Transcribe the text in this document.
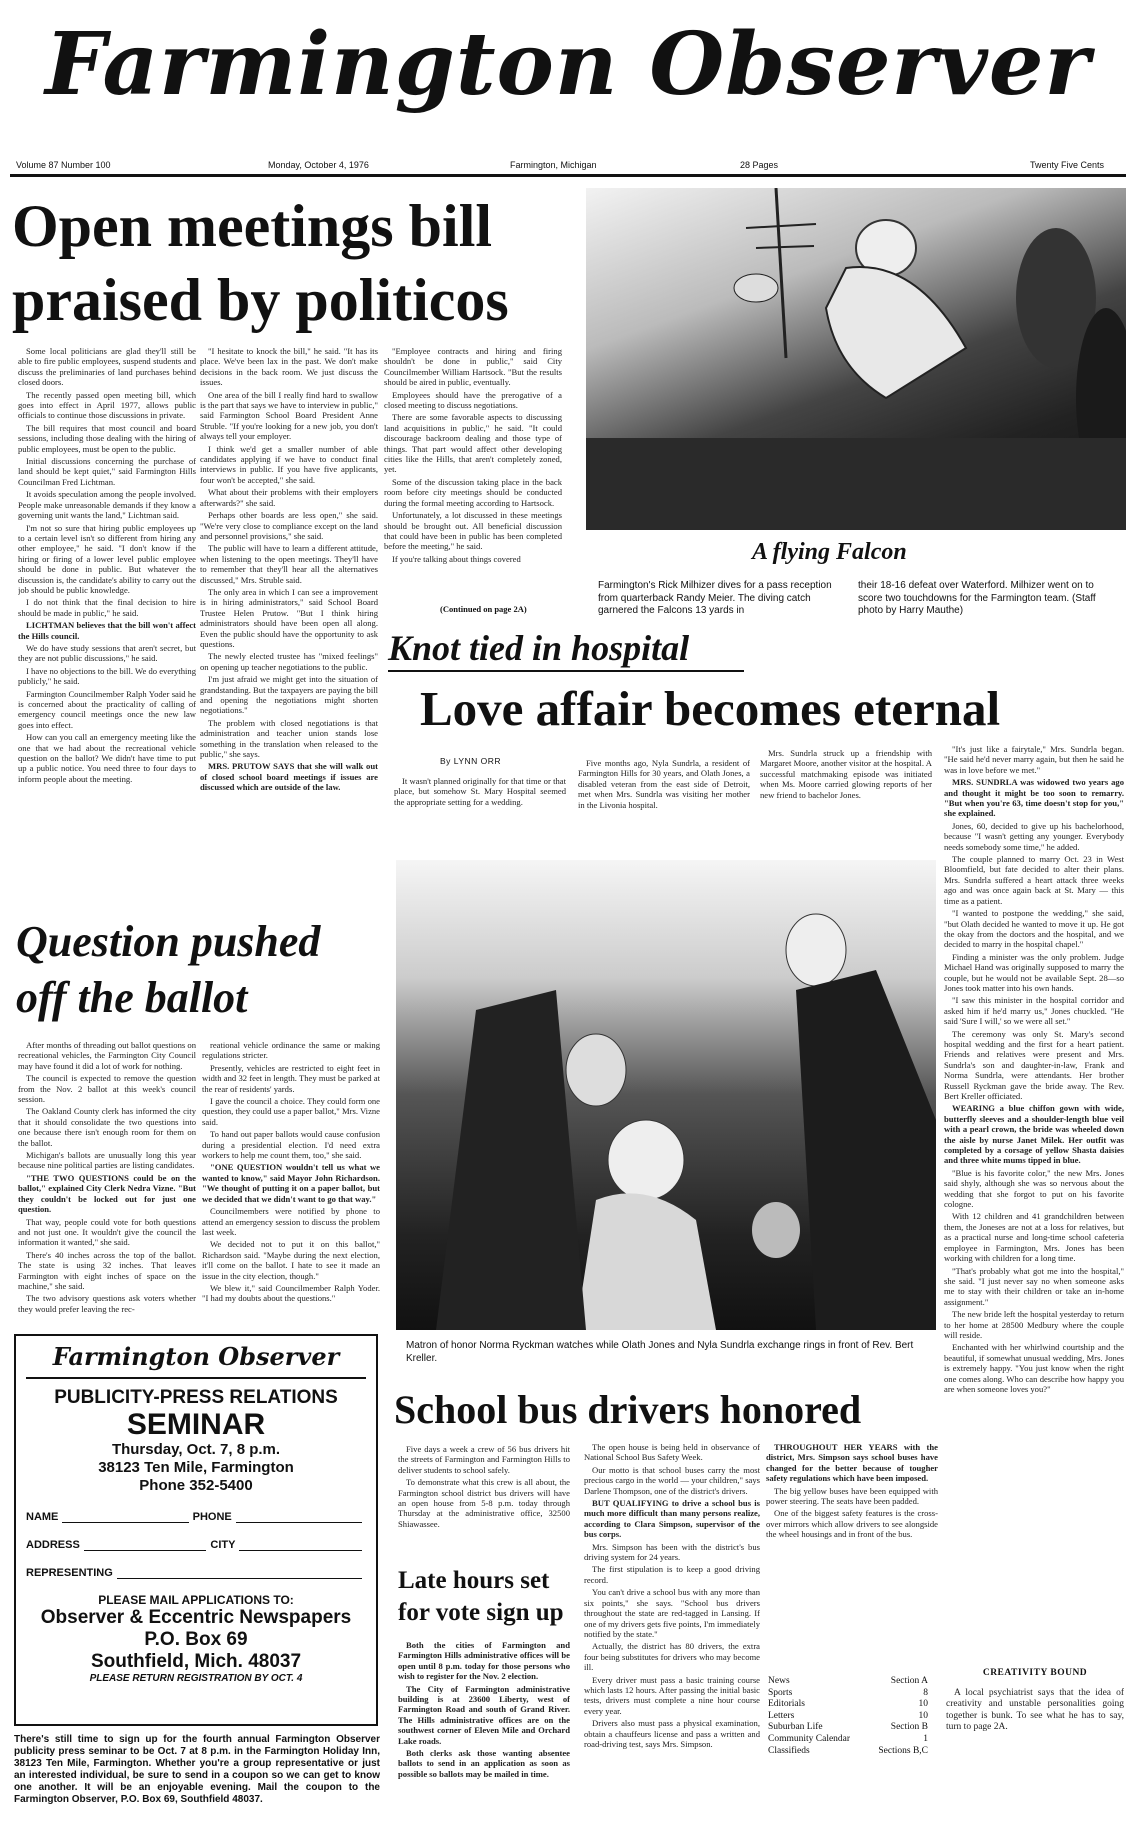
Farmington Observer
Volume 87 Number 100	Monday, October 4, 1976	Farmington, Michigan	28 Pages	Twenty Five Cents
Open meetings bill
praised by politicos

Some local politicians are glad they'll still be able to fire public employees, suspend students and discuss the preliminaries of land purchases behind closed doors.

The recently passed open meeting bill, which goes into effect in April 1977, allows public officials to continue those discussions in private.

The bill requires that most council and board sessions, including those dealing with the hiring of public employees, must be open to the public.

Initial discussions concerning the purchase of land should be kept quiet," said Farmington Hills Councilman Fred Lichtman.

It avoids speculation among the people involved. People make unreasonable demands if they know a governing unit wants the land," Lichtman said.

I'm not so sure that hiring public employees up to a certain level isn't so different from hiring any other employee," he said. "I don't know if the hiring or firing of a lower level public employee should be done in public. But whatever the discussion is, the candidate's ability to carry out the job should be public knowledge.

I do not think that the final decision to hire should be made in public," he said.

LICHTMAN believes that the bill won't affect the Hills council.

We do have study sessions that aren't secret, but they are not public discussions," he said.

I have no objections to the bill. We do everything publicly," he said.

Farmington Councilmember Ralph Yoder said he is concerned about the practicality of calling of emergency council meetings once the new law goes into effect.

How can you call an emergency meeting like the one that we had about the recreational vehicle question on the ballot? We didn't have time to put up a public notice. You need three to four days to inform people about the meeting.

"I hesitate to knock the bill," he said. "It has its place. We've been lax in the past. We don't make decisions in the back room. We just discuss the issues.

One area of the bill I really find hard to swallow is the part that says we have to interview in public," said Farmington School Board President Anne Struble. "If you're looking for a new job, you don't always tell your employer.

I think we'd get a smaller number of able candidates applying if we have to conduct final interviews in public. If you have five applicants, four won't be accepted," she said.

What about their problems with their employers afterwards?" she said.

Perhaps other boards are less open," she said. "We're very close to compliance except on the land and personnel provisions," she said.

The public will have to learn a different attitude, when listening to the open meetings. They'll have to remember that they'll hear all the alternatives discussed," Mrs. Struble said.

The only area in which I can see a improvement is in hiring administrators," said School Board Trustee Helen Prutow. "But I think hiring administrators should have been open all along. Even the public should have the opportunity to ask questions.

The newly elected trustee has "mixed feelings" on opening up teacher negotiations to the public.

I'm just afraid we might get into the situation of grandstanding. But the taxpayers are paying the bill and opening the negotiations might shorten negotiations."

The problem with closed negotiations is that administration and teacher union stands lose something in the translation when released to the public," she says.

MRS. PRUTOW SAYS that she will walk out of closed school board meetings if issues are discussed which are outside of the law.

"Employee contracts and hiring and firing shouldn't be done in public," said City Councilmember William Hartsock. "But the results should be aired in public, eventually.

Employees should have the prerogative of a closed meeting to discuss negotiations.

There are some favorable aspects to discussing land acquisitions in public," he said. "It could discourage backroom dealing and those type of things. That part would affect other developing cities like the Hills, that aren't completely zoned, yet.

Some of the discussion taking place in the back room before city meetings should be conducted during the formal meeting according to Hartsock.

Unfortunately, a lot discussed in these meetings should be brought out. All beneficial discussion that could have been in public has been completed before the meeting," he said.

If you're talking about things covered

(Continued on page 2A)
A flying Falcon
Farmington's Rick Milhizer dives for a pass reception from quarterback Randy Meier. The diving catch garnered the Falcons 13 yards in
their 18-16 defeat over Waterford. Milhizer went on to score two touchdowns for the Farmington team. (Staff photo by Harry Mauthe)
Knot tied in hospital
Love affair becomes eternal
By LYNN ORR

It wasn't planned originally for that time or that place, but somehow St. Mary Hospital seemed the appropriate setting for a wedding.

Five months ago, Nyla Sundrla, a resident of Farmington Hills for 30 years, and Olath Jones, a disabled veteran from the east side of Detroit, met when Mrs. Sundrla was visiting her mother in the Livonia hospital.

Mrs. Sundrla struck up a friendship with Margaret Moore, another visitor at the hospital. A successful matchmaking episode was initiated when Ms. Moore carried glowing reports of her new friend to bachelor Jones.

Matron of honor Norma Ryckman watches while Olath Jones and Nyla Sundrla exchange rings in front of Rev. Bert Kreller.

"It's just like a fairytale," Mrs. Sundrla began. "He said he'd never marry again, but then he said he was in love before we met."

MRS. SUNDRLA was widowed two years ago and thought it might be too soon to remarry. "But when you're 63, time doesn't stop for you," she explained.

Jones, 60, decided to give up his bachelorhood, because "I wasn't getting any younger. Everybody needs somebody some time," he added.

The couple planned to marry Oct. 23 in West Bloomfield, but fate decided to alter their plans. Mrs. Sundrla suffered a heart attack three weeks ago and was once again back at St. Mary — this time as a patient.

"I wanted to postpone the wedding," she said, "but Olath decided he wanted to move it up. He got the okay from the doctors and the hospital, and we decided to marry in the hospital chapel."

Finding a minister was the only problem. Judge Michael Hand was originally supposed to marry the couple, but he would not be available Sept. 28—so Jones took matter into his own hands.

"I saw this minister in the hospital corridor and asked him if he'd marry us," Jones chuckled. "He said 'Sure I will,' so we were all set."

The ceremony was only St. Mary's second hospital wedding and the first for a heart patient. Friends and relatives were present and Mrs. Sundrla's son and daughter-in-law, Frank and Norma Sundrla, were attendants. Her brother Russell Ryckman gave the bride away. The Rev. Bert Kreller officiated.

WEARING a blue chiffon gown with wide, butterfly sleeves and a shoulder-length blue veil with a pearl crown, the bride was wheeled down the aisle by nurse Janet Milek. Her outfit was completed by a corsage of yellow Shasta daisies and three white mums tipped in blue.

"Blue is his favorite color," the new Mrs. Jones said shyly, although she was so nervous about the wedding that she forgot to put on his favorite cologne.

With 12 children and 41 grandchildren between them, the Joneses are not at a loss for relatives, but as a practical nurse and long-time school cafeteria employee in Farmington, Mrs. Jones has been working with children for a long time.

"That's probably what got me into the hospital," she said. "I just never say no when someone asks me to stay with their children or take an in-home assignment."

The new bride left the hospital yesterday to return to her home at 28500 Medbury where the couple will reside.

Enchanted with her whirlwind courtship and the beautiful, if somewhat unusual wedding, Mrs. Jones is extremely happy. "You just know when the right one comes along. Who can describe how happy you are when someone loves you?"

Question pushed
off the ballot

After months of threading out ballot questions on recreational vehicles, the Farmington City Council may have found it did a lot of work for nothing.

The council is expected to remove the question from the Nov. 2 ballot at this week's council session.

The Oakland County clerk has informed the city that it should consolidate the two questions into one because there isn't enough room for them on the ballot.

Michigan's ballots are unusually long this year because nine political parties are listing candidates.

"THE TWO QUESTIONS could be on the ballot," explained City Clerk Nedra Vizne. "But they couldn't be locked out for just one question.

That way, people could vote for both questions and not just one. It wouldn't give the council the information it wanted," she said.

There's 40 inches across the top of the ballot. The state is using 32 inches. That leaves Farmington with eight inches of space on the machine," she said.

The two advisory questions ask voters whether they would prefer leaving the rec-

reational vehicle ordinance the same or making regulations stricter.

Presently, vehicles are restricted to eight feet in width and 32 feet in length. They must be parked at the rear of residents' yards.

I gave the council a choice. They could form one question, they could use a paper ballot," Mrs. Vizne said.

To hand out paper ballots would cause confusion during a presidential election. I'd need extra workers to help me count them, too," she said.

"ONE QUESTION wouldn't tell us what we wanted to know," said Mayor John Richardson. "We thought of putting it on a paper ballot, but we decided that we didn't want to go that way."

Councilmembers were notified by phone to attend an emergency session to discuss the problem last week.

We decided not to put it on this ballot," Richardson said. "Maybe during the next election, it'll come on the ballot. I hate to see it made an issue in the city election, though."

We blew it," said Councilmember Ralph Yoder. "I had my doubts about the questions."

Farmington Observer
PUBLICITY-PRESS RELATIONS
SEMINAR
Thursday, Oct. 7, 8 p.m.
38123 Ten Mile, Farmington
Phone 352-5400
NAME	PHONE
ADDRESS	CITY
REPRESENTING
PLEASE MAIL APPLICATIONS TO:
Observer & Eccentric Newspapers
P.O. Box 69
Southfield, Mich. 48037
PLEASE RETURN REGISTRATION BY OCT. 4
There's still time to sign up for the fourth annual Farmington Observer publicity press seminar to be Oct. 7 at 8 p.m. in the Farmington Holiday Inn, 38123 Ten Mile, Farmington. Whether you're a group representative or just an interested individual, be sure to send in a coupon so we can get to know one another. It will be an enjoyable evening. Mail the coupon to the Farmington Observer, P.O. Box 69, Southfield 48037.
School bus drivers honored

Five days a week a crew of 56 bus drivers hit the streets of Farmington and Farmington Hills to deliver students to school safely.

To demonstrate what this crew is all about, the Farmington school district bus drivers will have an open house from 5-8 p.m. today through Thursday at the administrative office, 32500 Shiawassee.

The open house is being held in observance of National School Bus Safety Week.

Our motto is that school buses carry the most precious cargo in the world — your children," says Darlene Thompson, one of the district's drivers.

BUT QUALIFYING to drive a school bus is much more difficult than many persons realize, according to Clara Simpson, supervisor of the bus corps.

Mrs. Simpson has been with the district's bus driving system for 24 years.

The first stipulation is to keep a good driving record.

You can't drive a school bus with any more than six points," she says. "School bus drivers throughout the state are red-tagged in Lansing. If one of my drivers gets five points, I'm immediately notified by the state."

Actually, the district has 80 drivers, the extra four being substitutes for drivers who may become ill.

Every driver must pass a basic training course which lasts 12 hours. After passing the initial basic tests, drivers must complete a nine hour course every year.

Drivers also must pass a physical examination, obtain a chauffeurs license and pass a written and road-driving test, says Mrs. Simpson.

THROUGHOUT HER YEARS with the district, Mrs. Simpson says school buses have changed for the better because of tougher safety regulations which have been imposed.

The big yellow buses have been equipped with power steering. The seats have been padded.

One of the biggest safety features is the cross-over mirrors which allow drivers to see alongside the wheel housings and in front of the bus.

Late hours set
for vote sign up

Both the cities of Farmington and Farmington Hills administrative offices will be open until 8 p.m. today for those persons who wish to register for the Nov. 2 election.

The City of Farmington administrative building is at 23600 Liberty, west of Farmington Road and south of Grand River. The Hills administrative offices are on the southwest corner of Eleven Mile and Orchard Lake roads.

Both clerks ask those wanting absentee ballots to send in an application as soon as possible so ballots may be mailed in time.

News	Section A
Sports	8
Editorials	10
Letters	10
Suburban Life	Section B
Community Calendar	1
Classifieds	Sections B,C
CREATIVITY BOUND

A local psychiatrist says that the idea of creativity and unstable personalities going together is bunk. To see what he has to say, turn to page 2A.
